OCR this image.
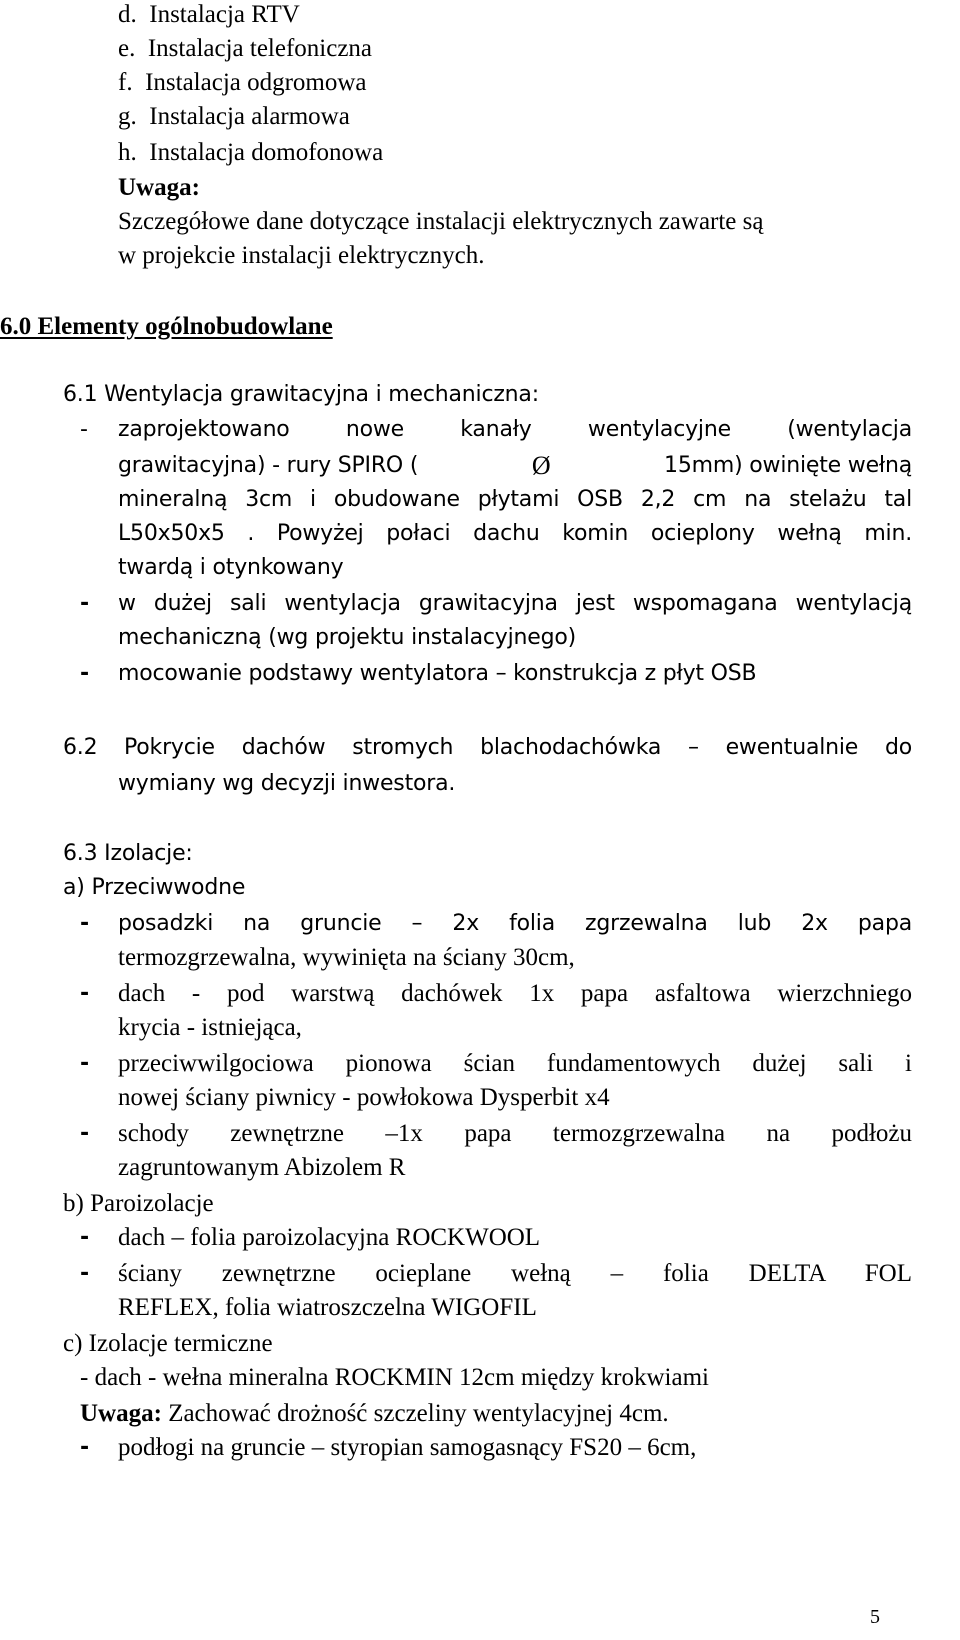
d. Instalacja RTV
e. Instalacja telefoniczna
f. Instalacja odgromowa
g. Instalacja alarmowa
h. Instalacja domofonowa
Uwaga:
Szczegółowe dane dotyczące instalacji elektrycznych zawarte są
w projekcie instalacji elektrycznych.
6.0 Elementy ogólnobudowlane
6.1 Wentylacja grawitacyjna i mechaniczna:
- zaprojektowano nowe kanały wentylacyjne (wentylacja
grawitacyjna) - rury SPIRO (	Ø	15mm) owinięte wełną
mineralną 3cm i obudowane płytami OSB 2,2 cm na stelażu tal
L50x50x5 . Powyżej połaci dachu komin ocieplony wełną min.
twardą i otynkowany
- w dużej sali wentylacja grawitacyjna jest wspomagana wentylacją
mechaniczną (wg projektu instalacyjnego)
- mocowanie podstawy wentylatora – konstrukcja z płyt OSB
6.2 Pokrycie dachów stromych blachodachówka – ewentualnie do
wymiany wg decyzji inwestora.
6.3 Izolacje:
a) Przeciwwodne
- posadzki na gruncie – 2x folia zgrzewalna lub 2x papa
termozgrzewalna, wywinięta na ściany 30cm,
- dach - pod warstwą dachówek 1x papa asfaltowa wierzchniego
krycia - istniejąca,
- przeciwwilgociowa pionowa ścian fundamentowych dużej sali i
nowej ściany piwnicy - powłokowa Dysperbit x4
- schody zewnętrzne –1x papa termozgrzewalna na podłożu
zagruntowanym Abizolem R
b) Paroizolacje
- dach – folia paroizolacyjna ROCKWOOL
- ściany zewnętrzne ocieplane wełną – folia DELTA FOL
REFLEX, folia wiatroszczelna WIGOFIL
c) Izolacje termiczne
- dach - wełna mineralna ROCKMIN 12cm między krokwiami
Uwaga: Zachować drożność szczeliny wentylacyjnej 4cm.
- podłogi na gruncie – styropian samogasnący FS20 – 6cm,
5
